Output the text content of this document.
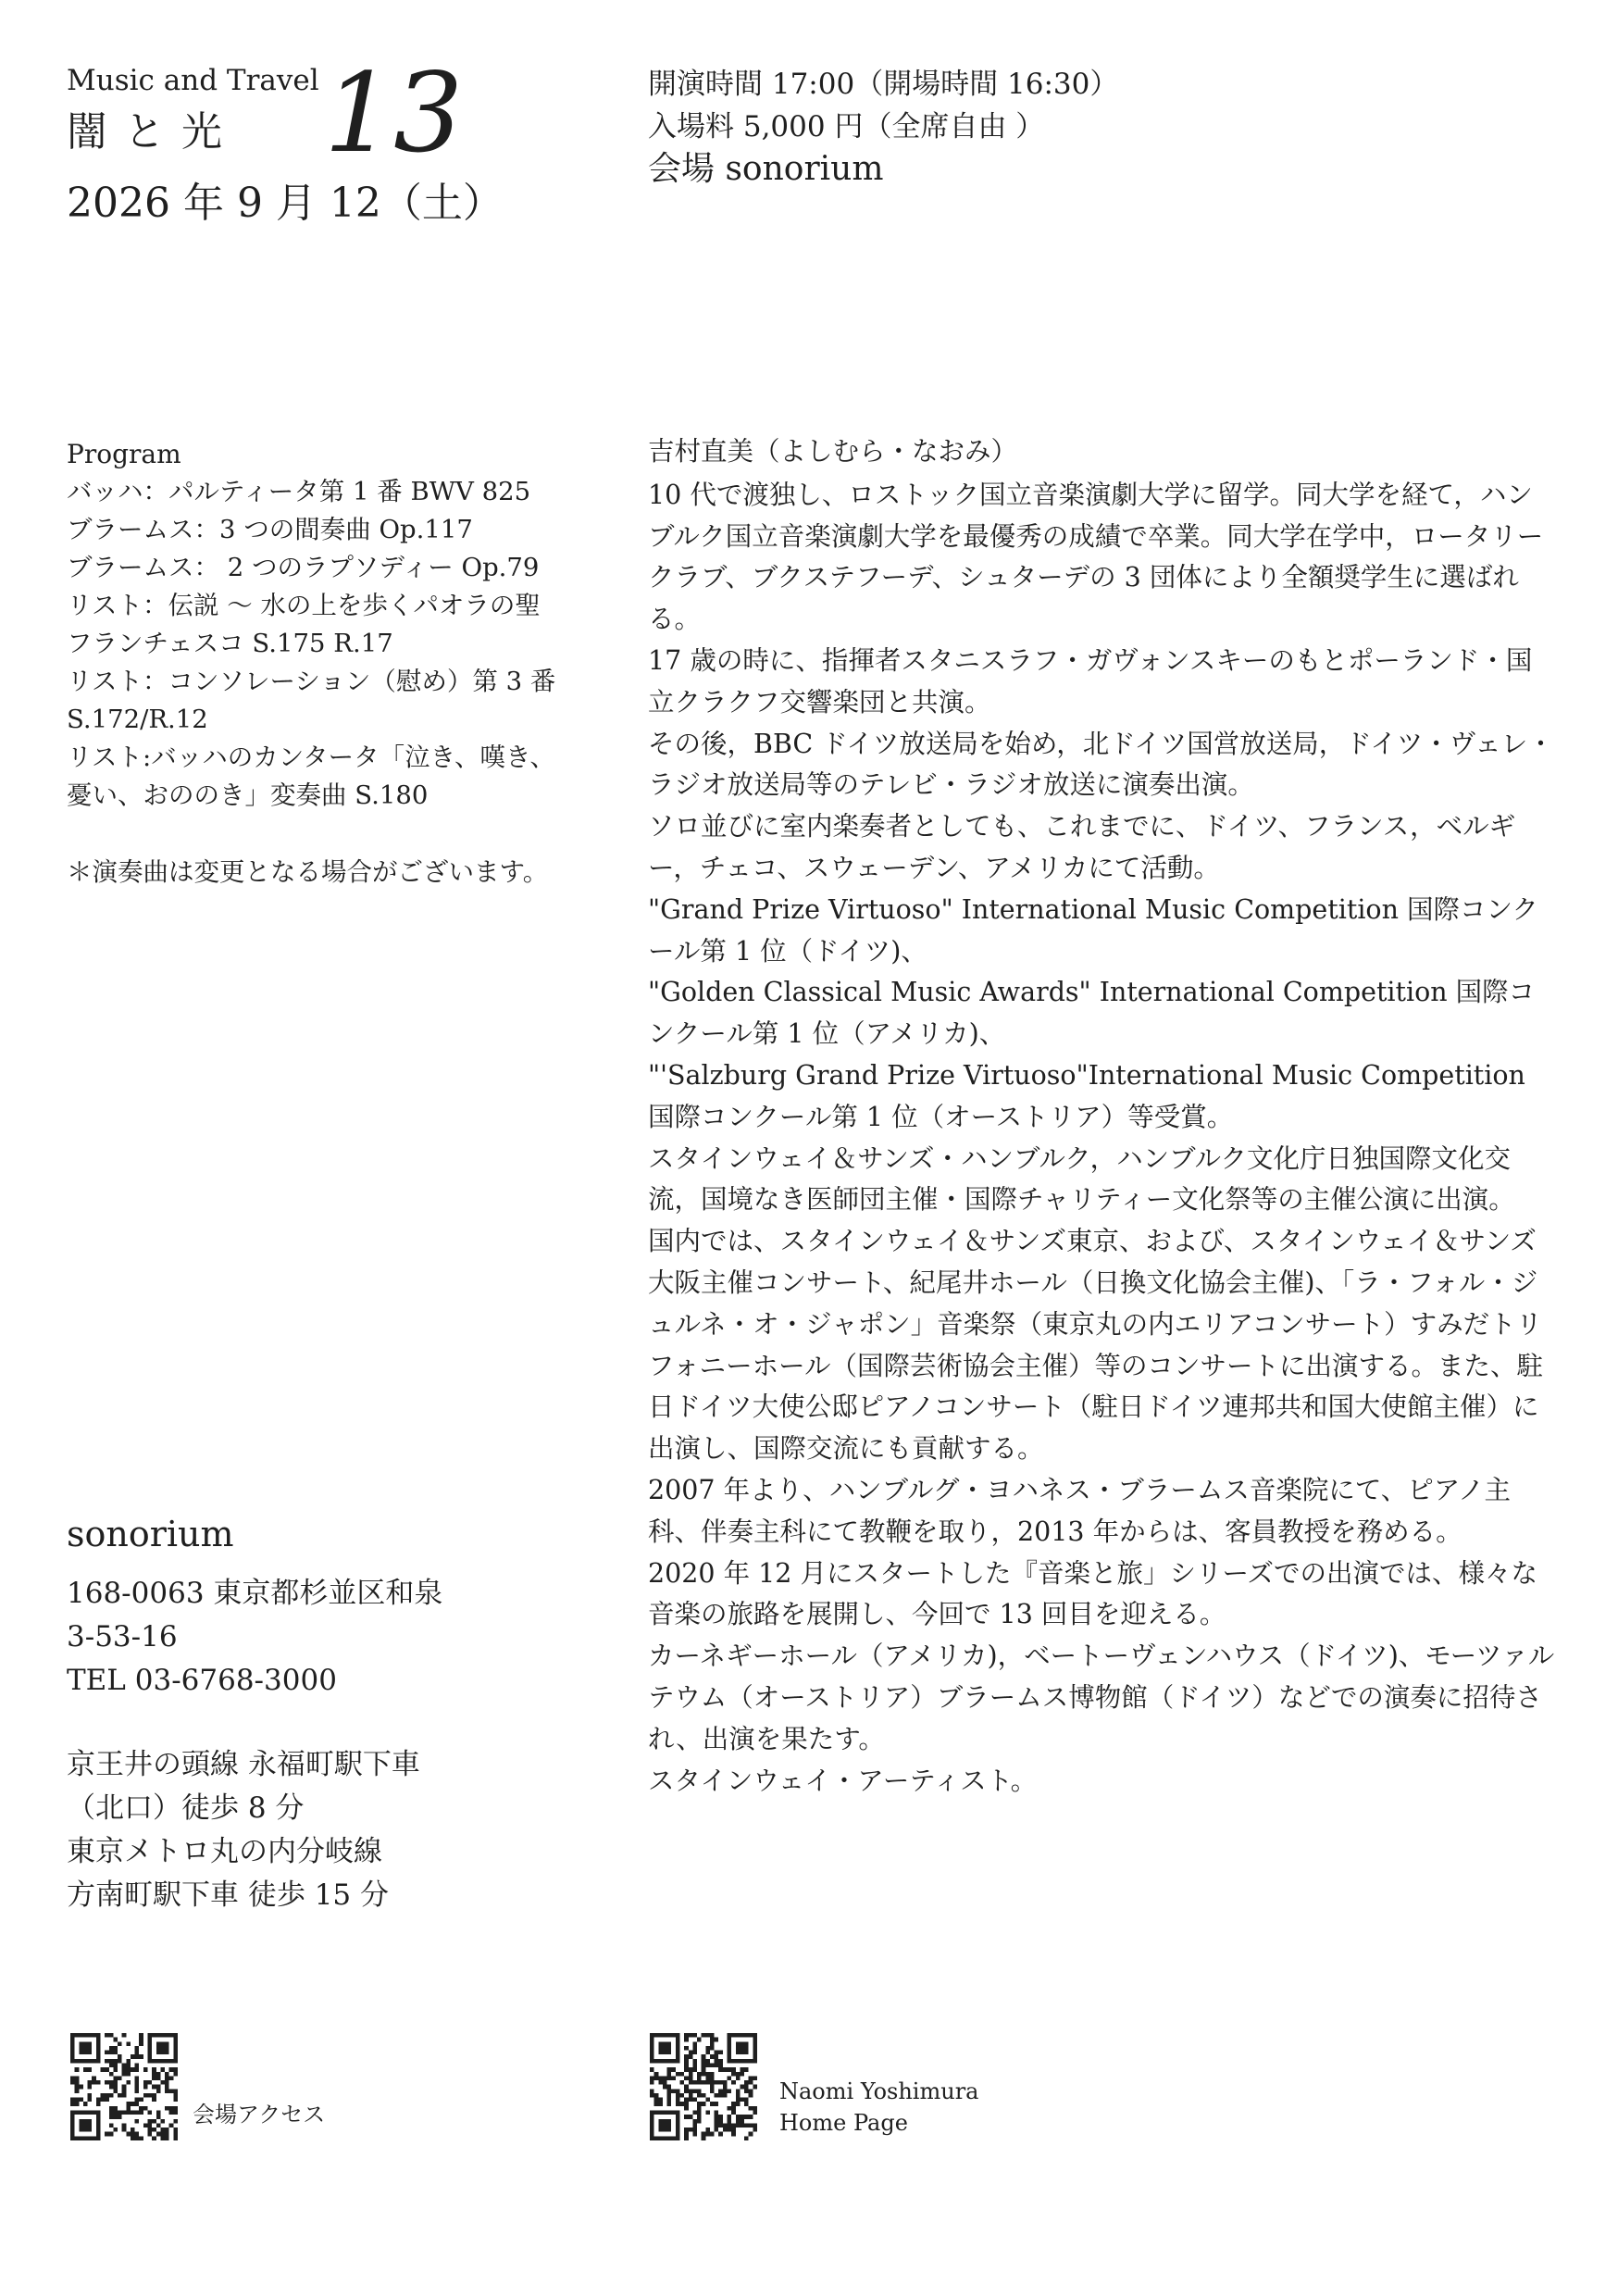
Music and Travel
闇と光 13
2026 年 9 月 12（土）
開演時間 17:00（開場時間 16:30）
入場料 5,000 円（全席自由 ）
会場 sonorium
Program
バッハ：パルティータ第 1 番 BWV 825
ブラームス：3 つの間奏曲 Op.117
ブラームス： 2 つのラプソディー Op.79
リスト：伝説 ～ 水の上を歩くパオラの聖
フランチェスコ S.175 R.17
リスト：コンソレーション（慰め）第 3 番
S.172/R.12
リスト:バッハのカンタータ「泣き、嘆き、
憂い、おののき」変奏曲 S.180
＊演奏曲は変更となる場合がございます。
吉村直美（よしむら・なおみ）

10 代で渡独し、ロストック国立音楽演劇大学に留学。同大学を経て，ハンブルク国立音楽演劇大学を最優秀の成績で卒業。同大学在学中，ロータリークラブ、ブクステフーデ、シュターデの 3 団体により全額奨学生に選ばれる。

17 歳の時に、指揮者スタニスラフ・ガヴォンスキーのもとポーランド・国立クラクフ交響楽団と共演。

その後，BBC ドイツ放送局を始め，北ドイツ国営放送局，ドイツ・ヴェレ・ラジオ放送局等のテレビ・ラジオ放送に演奏出演。

ソロ並びに室内楽奏者としても、これまでに、ドイツ、フランス，ベルギー，チェコ、スウェーデン、アメリカにて活動。

"Grand Prize Virtuoso" International Music Competition 国際コンクール第 1 位（ドイツ)、

"Golden Classical Music Awards" International Competition 国際コンクール第 1 位（アメリカ)、

"'Salzburg Grand Prize Virtuoso"International Music Competition 国際コンクール第 1 位（オーストリア）等受賞。

スタインウェイ＆サンズ・ハンブルク，ハンブルク文化庁日独国際文化交流，国境なき医師団主催・国際チャリティー文化祭等の主催公演に出演。

国内では、スタインウェイ＆サンズ東京、および、スタインウェイ＆サンズ大阪主催コンサート、紀尾井ホール（日換文化協会主催)、「ラ・フォル・ジュルネ・オ・ジャポン」音楽祭（東京丸の内エリアコンサート）すみだトリフォニーホール（国際芸術協会主催）等のコンサートに出演する。また、駐日ドイツ大使公邸ピアノコンサート（駐日ドイツ連邦共和国大使館主催）に出演し、国際交流にも貢献する。

2007 年より、ハンブルグ・ヨハネス・ブラームス音楽院にて、ピアノ主科、伴奏主科にて教鞭を取り，2013 年からは、客員教授を務める。

2020 年 12 月にスタートした『音楽と旅」シリーズでの出演では、様々な音楽の旅路を展開し、今回で 13 回目を迎える。

カーネギーホール（アメリカ)，ベートーヴェンハウス（ドイツ)、モーツァルテウム（オーストリア）ブラームス博物館（ドイツ）などでの演奏に招待され、出演を果たす。

スタインウェイ・アーティスト。

sonorium
168-0063 東京都杉並区和泉
3-53-16
TEL 03-6768-3000
京王井の頭線 永福町駅下車
（北口）徒歩 8 分
東京メトロ丸の内分岐線
方南町駅下車 徒歩 15 分
会場アクセス
Naomi Yoshimura
Home Page
